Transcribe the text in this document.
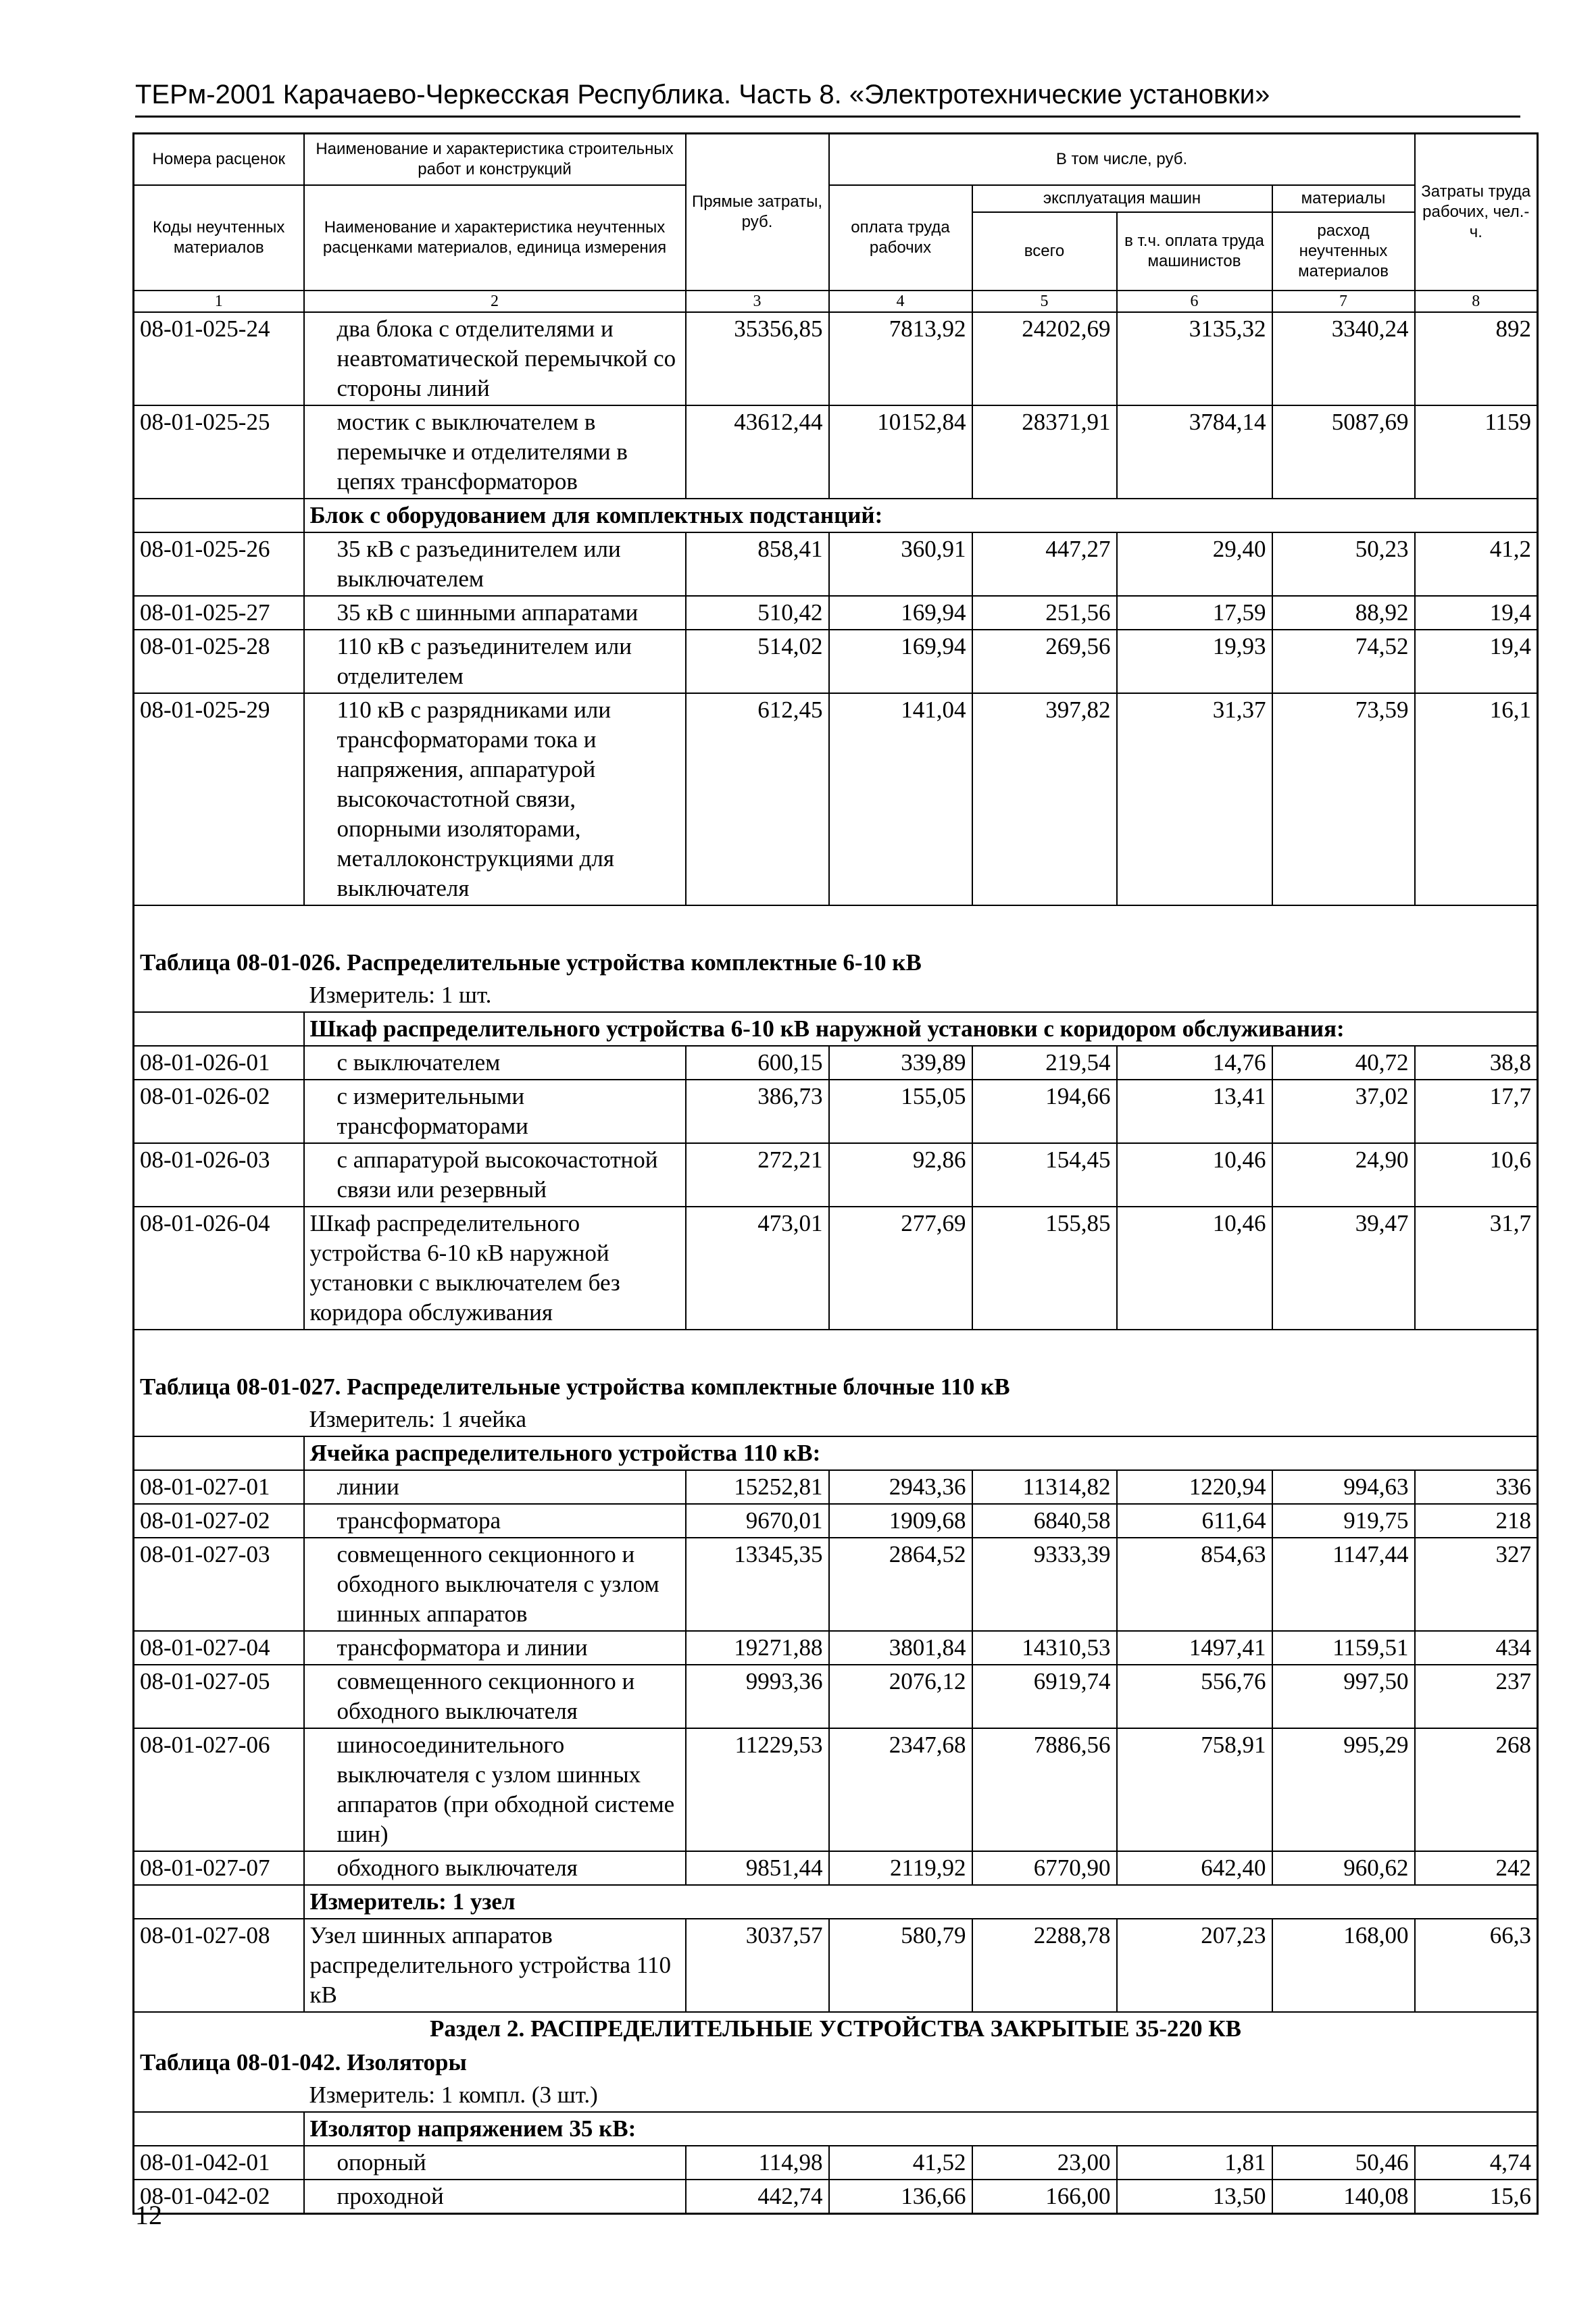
ТЕРм-2001 Карачаево-Черкесская Республика. Часть 8. «Электротехнические установки»
Номера расценок	Наименование и характеристика строительных работ и конструкций	Прямые затраты, руб.	В том числе, руб.				Затраты труда рабочих, чел.-ч.
Коды неучтенных материалов	Наименование и характеристика неучтенных расценками материалов, единица измерения		оплата труда рабочих	эксплуатация машин		материалы	
				всего	в т.ч. оплата труда машинистов	расход неучтенных материалов	
1	2	3	4	5	6	7	8
08-01-025-24	два блока с отделителями и неавтоматической перемычкой со стороны линий	35356,85	7813,92	24202,69	3135,32	3340,24	892
08-01-025-25	мостик с выключателем в перемычке и отделителями в цепях трансформаторов	43612,44	10152,84	28371,91	3784,14	5087,69	1159
	Блок с оборудованием для комплектных подстанций:						
08-01-025-26	35 кВ с разъединителем или выключателем	858,41	360,91	447,27	29,40	50,23	41,2
08-01-025-27	35 кВ с шинными аппаратами	510,42	169,94	251,56	17,59	88,92	19,4
08-01-025-28	110 кВ с разъединителем или отделителем	514,02	169,94	269,56	19,93	74,52	19,4
08-01-025-29	110 кВ с разрядниками или трансформаторами тока и напряжения, аппаратурой высокочастотной связи, опорными изоляторами, металлоконструкциями для выключателя	612,45	141,04	397,82	31,37	73,59	16,1

Таблица 08-01-026. Распределительные устройства комплектные 6-10 кВ							
	Измеритель: 1 шт.						
	Шкаф распределительного устройства 6-10 кВ наружной установки с коридором обслуживания:						
08-01-026-01	с выключателем	600,15	339,89	219,54	14,76	40,72	38,8
08-01-026-02	с измерительными трансформаторами	386,73	155,05	194,66	13,41	37,02	17,7
08-01-026-03	с аппаратурой высокочастотной связи или резервный	272,21	92,86	154,45	10,46	24,90	10,6
08-01-026-04	Шкаф распределительного устройства 6-10 кВ наружной установки с выключателем без коридора обслуживания	473,01	277,69	155,85	10,46	39,47	31,7

Таблица 08-01-027. Распределительные устройства комплектные блочные 110 кВ							
	Измеритель: 1 ячейка						
	Ячейка распределительного устройства 110 кВ:						
08-01-027-01	линии	15252,81	2943,36	11314,82	1220,94	994,63	336
08-01-027-02	трансформатора	9670,01	1909,68	6840,58	611,64	919,75	218
08-01-027-03	совмещенного секционного и обходного выключателя с узлом шинных аппаратов	13345,35	2864,52	9333,39	854,63	1147,44	327
08-01-027-04	трансформатора и линии	19271,88	3801,84	14310,53	1497,41	1159,51	434
08-01-027-05	совмещенного секционного и обходного выключателя	9993,36	2076,12	6919,74	556,76	997,50	237
08-01-027-06	шиносоединительного выключателя с узлом шинных аппаратов (при обходной системе шин)	11229,53	2347,68	7886,56	758,91	995,29	268
08-01-027-07	обходного выключателя	9851,44	2119,92	6770,90	642,40	960,62	242
	Измеритель: 1 узел						
08-01-027-08	Узел шинных аппаратов распределительного устройства 110 кВ	3037,57	580,79	2288,78	207,23	168,00	66,3
Раздел 2. РАСПРЕДЕЛИТЕЛЬНЫЕ УСТРОЙСТВА ЗАКРЫТЫЕ 35-220 КВ							
Таблица 08-01-042. Изоляторы							
	Измеритель: 1 компл. (3 шт.)						
	Изолятор напряжением 35 кВ:						
08-01-042-01	опорный	114,98	41,52	23,00	1,81	50,46	4,74
08-01-042-02	проходной	442,74	136,66	166,00	13,50	140,08	15,6
12
